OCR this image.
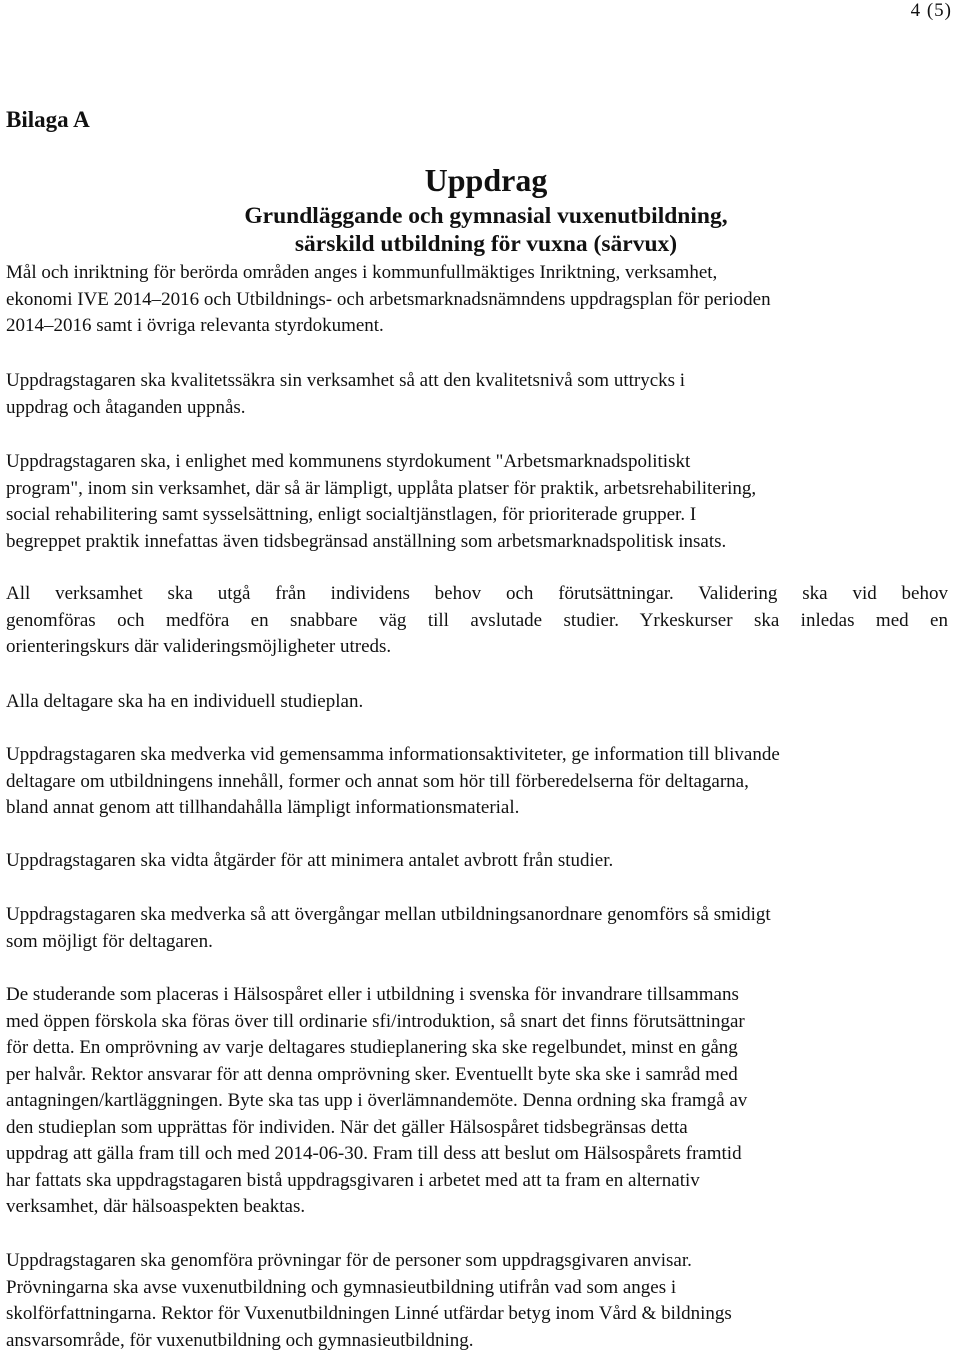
4 (5)
Bilaga A
Uppdrag
Grundläggande och gymnasial vuxenutbildning,
särskild utbildning för vuxna (särvux)
Mål och inriktning för berörda områden anges i kommunfullmäktiges Inriktning, verksamhet,
ekonomi IVE 2014–2016 och Utbildnings- och arbetsmarknadsnämndens uppdragsplan för perioden
2014–2016 samt i övriga relevanta styrdokument.
Uppdragstagaren ska kvalitetssäkra sin verksamhet så att den kvalitetsnivå som uttrycks i
uppdrag och åtaganden uppnås.
Uppdragstagaren ska, i enlighet med kommunens styrdokument "Arbetsmarknadspolitiskt
program", inom sin verksamhet, där så är lämpligt, upplåta platser för praktik, arbetsrehabilitering,
social rehabilitering samt sysselsättning, enligt socialtjänstlagen, för prioriterade grupper. I
begreppet praktik innefattas även tidsbegränsad anställning som arbetsmarknadspolitisk insats.
All verksamhet ska utgå från individens behov och förutsättningar. Validering ska vid behov
genomföras och medföra en snabbare väg till avslutade studier. Yrkeskurser ska inledas med en
orienteringskurs där valideringsmöjligheter utreds.
Alla deltagare ska ha en individuell studieplan.
Uppdragstagaren ska medverka vid gemensamma informationsaktiviteter, ge information till blivande
deltagare om utbildningens innehåll, former och annat som hör till förberedelserna för deltagarna,
bland annat genom att tillhandahålla lämpligt informationsmaterial.
Uppdragstagaren ska vidta åtgärder för att minimera antalet avbrott från studier.
Uppdragstagaren ska medverka så att övergångar mellan utbildningsanordnare genomförs så smidigt
som möjligt för deltagaren.
De studerande som placeras i Hälsospåret eller i utbildning i svenska för invandrare tillsammans
med öppen förskola ska föras över till ordinarie sfi/introduktion, så snart det finns förutsättningar
för detta. En omprövning av varje deltagares studieplanering ska ske regelbundet, minst en gång
per halvår. Rektor ansvarar för att denna omprövning sker. Eventuellt byte ska ske i samråd med
antagningen/kartläggningen. Byte ska tas upp i överlämnandemöte. Denna ordning ska framgå av
den studieplan som upprättas för individen. När det gäller Hälsospåret tidsbegränsas detta
uppdrag att gälla fram till och med 2014-06-30. Fram till dess att beslut om Hälsospårets framtid
har fattats ska uppdragstagaren bistå uppdragsgivaren i arbetet med att ta fram en alternativ
verksamhet, där hälsoaspekten beaktas.
Uppdragstagaren ska genomföra prövningar för de personer som uppdragsgivaren anvisar.
Prövningarna ska avse vuxenutbildning och gymnasieutbildning utifrån vad som anges i
skolförfattningarna. Rektor för Vuxenutbildningen Linné utfärdar betyg inom Vård & bildnings
ansvarsområde, för vuxenutbildning och gymnasieutbildning.
